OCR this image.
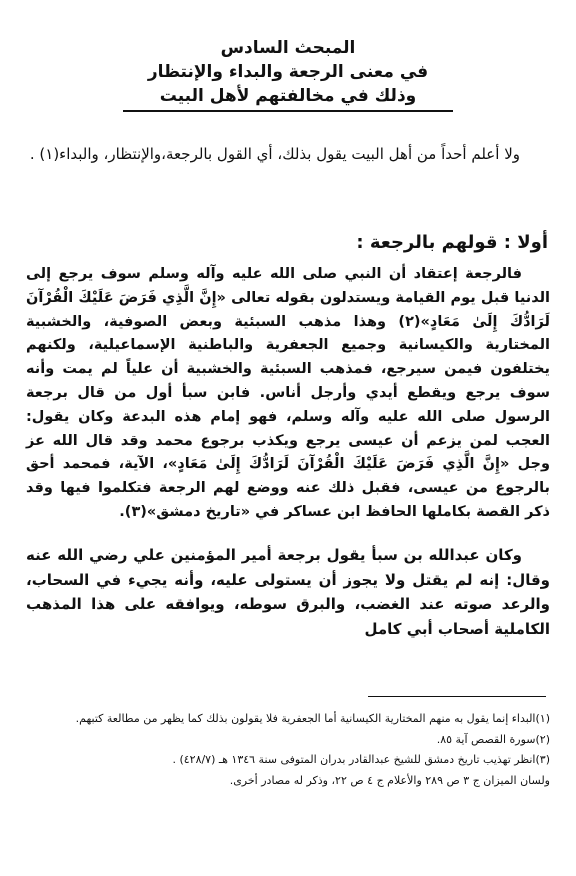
المبحث السادس
في معنى الرجعة والبداء والإنتظار
وذلك في مخالفتهم لأهل البيت

ولا أعلم أحداً من أهل البيت يقول بذلك، أي القول بالرجعة،والإنتظار، والبداء(١) .

أولا : قولهم بالرجعة :

فالرجعة إعتقاد أن النبي صلى الله عليه وآله وسلم سوف يرجع إلى الدنيا قبل يوم القيامة ويستدلون بقوله تعالى «إِنَّ الَّذِي فَرَضَ عَلَيْكَ الْقُرْآنَ لَرَادُّكَ إِلَىٰ مَعَادٍ»(٢) وهذا مذهب السبئية وبعض الصوفية، والخشبية المختارية والكيسانية وجميع الجعفرية والباطنية الإسماعيلية، ولكنهم يختلفون فيمن سيرجع، فمذهب السبئية والخشبية أن علياً لم يمت وأنه سوف يرجع ويقطع أيدي وأرجل أناس. فابن سبأ أول من قال برجعة الرسول صلى الله عليه وآله وسلم، فهو إمام هذه البدعة وكان يقول: العجب لمن يزعم أن عيسى يرجع ويكذب برجوع محمد وقد قال الله عز وجل «إِنَّ الَّذِي فَرَضَ عَلَيْكَ الْقُرْآنَ لَرَادُّكَ إِلَىٰ مَعَادٍ»، الآية، فمحمد أحق بالرجوع من عيسى، فقبل ذلك عنه ووضع لهم الرجعة فتكلموا فيها وقد ذكر القصة بكاملها الحافظ ابن عساكر في «تاريخ دمشق»(٣).

وكان عبدالله بن سبأ يقول برجعة أمير المؤمنين علي رضي الله عنه وقال: إنه لم يقتل ولا يجوز أن يستولى عليه، وأنه يجيء في السحاب، والرعد صوته عند الغضب، والبرق سوطه، ويوافقه على هذا المذهب الكاملية أصحاب أبي كامل

(١)البداء إنما يقول به منهم المختارية الكيسانية أما الجعفرية فلا يقولون بذلك كما يظهر من مطالعة كتبهم.
(٢)سورة القصص آية ٨٥.
(٣)انظر تهذيب تاريخ دمشق للشيخ عبدالقادر بدران المتوفى سنة ١٣٤٦ هـ (٤٢٨/٧) .
ولسان الميزان ج ٣ ص ٢٨٩ والأعلام ج ٤ ص ٢٢، وذكر له مصادر أخرى.
